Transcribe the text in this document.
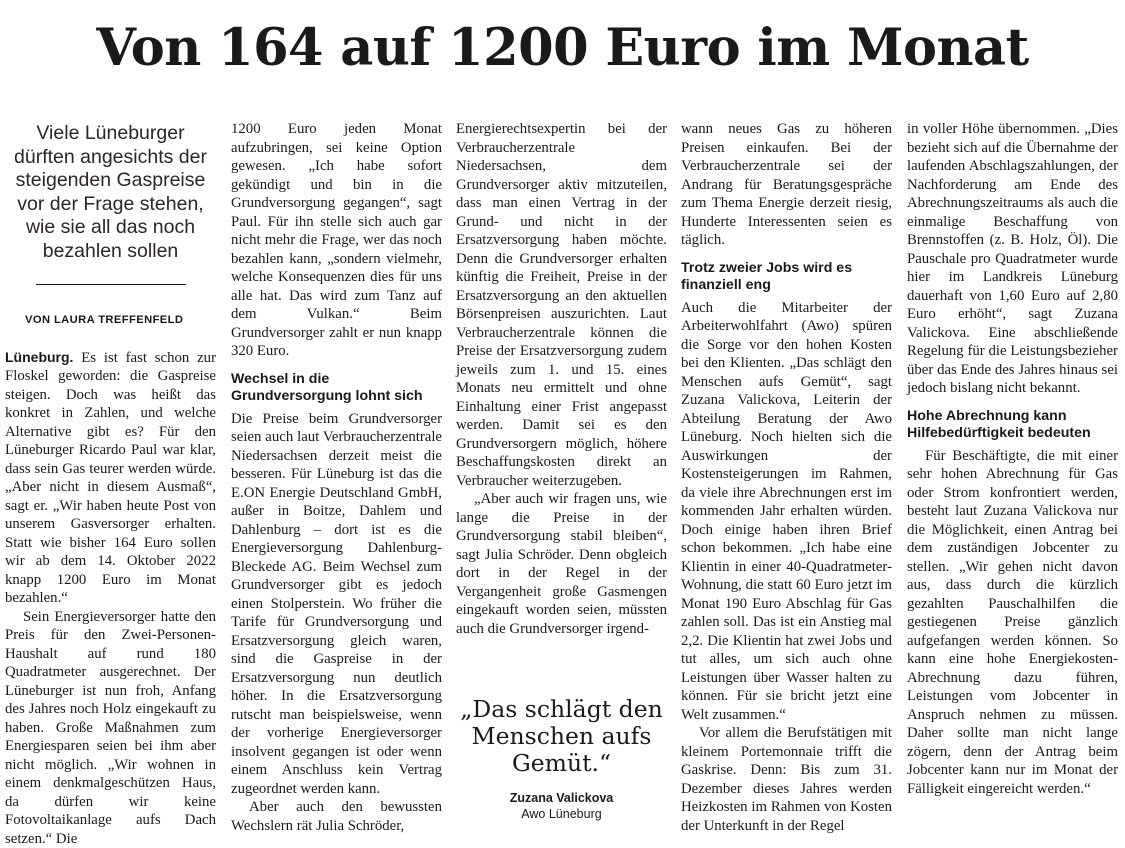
Von 164 auf 1200 Euro im Monat

Viele Lüneburger dürften angesichts der steigenden Gaspreise vor der Frage stehen, wie sie all das noch bezahlen sollen

VON LAURA TREFFENFELD

Lüneburg. Es ist fast schon zur Floskel geworden: die Gaspreise steigen. Doch was heißt das konkret in Zahlen, und welche Alternative gibt es? Für den Lüneburger Ricardo Paul war klar, dass sein Gas teurer werden würde. „Aber nicht in diesem Ausmaß“, sagt er. „Wir haben heute Post von unserem Gasversorger erhalten. Statt wie bisher 164 Euro sollen wir ab dem 14. Oktober 2022 knapp 1200 Euro im Monat bezahlen.“

Sein Energieversorger hatte den Preis für den Zwei-Personen-Haushalt auf rund 180 Quadratmeter ausgerechnet. Der Lüneburger ist nun froh, Anfang des Jahres noch Holz eingekauft zu haben. Große Maßnahmen zum Energiesparen seien bei ihm aber nicht möglich. „Wir wohnen in einem denkmalgeschützen Haus, da dürfen wir keine Fotovoltaikanlage aufs Dach setzen.“ Die

1200 Euro jeden Monat aufzubringen, sei keine Option gewesen. „Ich habe sofort gekündigt und bin in die Grundversorgung gegangen“, sagt Paul. Für ihn stelle sich auch gar nicht mehr die Frage, wer das noch bezahlen kann, „sondern vielmehr, welche Konsequenzen dies für uns alle hat. Das wird zum Tanz auf dem Vulkan.“ Beim Grundversorger zahlt er nun knapp 320 Euro.

Wechsel in die Grundversorgung lohnt sich

Die Preise beim Grundversorger seien auch laut Verbraucherzentrale Niedersachsen derzeit meist die besseren. Für Lüneburg ist das die E.ON Energie Deutschland GmbH, außer in Boitze, Dahlem und Dahlenburg – dort ist es die Energieversorgung Dahlenburg-Bleckede AG. Beim Wechsel zum Grundversorger gibt es jedoch einen Stolperstein. Wo früher die Tarife für Grundversorgung und Ersatzversorgung gleich waren, sind die Gaspreise in der Ersatzversorgung nun deutlich höher. In die Ersatzversorgung rutscht man beispielsweise, wenn der vorherige Energieversorger insolvent gegangen ist oder wenn einem Anschluss kein Vertrag zugeordnet werden kann.

Aber auch den bewussten Wechslern rät Julia Schröder,

Energierechtsexpertin bei der Verbraucherzentrale Niedersachsen, dem Grundversorger aktiv mitzuteilen, dass man einen Vertrag in der Grund- und nicht in der Ersatzversorgung haben möchte. Denn die Grundversorger erhalten künftig die Freiheit, Preise in der Ersatzversorgung an den aktuellen Börsenpreisen auszurichten. Laut Verbraucherzentrale können die Preise der Ersatzversorgung zudem jeweils zum 1. und 15. eines Monats neu ermittelt und ohne Einhaltung einer Frist angepasst werden. Damit sei es den Grundversorgern möglich, höhere Beschaffungskosten direkt an Verbraucher weiterzugeben.

„Aber auch wir fragen uns, wie lange die Preise in der Grundversorgung stabil bleiben“, sagt Julia Schröder. Denn obgleich dort in der Regel in der Vergangenheit große Gasmengen eingekauft worden seien, müssten auch die Grundversorger irgend-

„Das schlägt den Menschen aufs Gemüt.“

Zuzana Valickova
Awo Lüneburg

wann neues Gas zu höheren Preisen einkaufen. Bei der Verbraucherzentrale sei der Andrang für Beratungsgespräche zum Thema Energie derzeit riesig, Hunderte Interessenten seien es täglich.

Trotz zweier Jobs wird es finanziell eng

Auch die Mitarbeiter der Arbeiterwohlfahrt (Awo) spüren die Sorge vor den hohen Kosten bei den Klienten. „Das schlägt den Menschen aufs Gemüt“, sagt Zuzana Valickova, Leiterin der Abteilung Beratung der Awo Lüneburg. Noch hielten sich die Auswirkungen der Kostensteigerungen im Rahmen, da viele ihre Abrechnungen erst im kommenden Jahr erhalten würden. Doch einige haben ihren Brief schon bekommen. „Ich habe eine Klientin in einer 40-Quadratmeter-Wohnung, die statt 60 Euro jetzt im Monat 190 Euro Abschlag für Gas zahlen soll. Das ist ein Anstieg mal 2,2. Die Klientin hat zwei Jobs und tut alles, um sich auch ohne Leistungen über Wasser halten zu können. Für sie bricht jetzt eine Welt zusammen.“

Vor allem die Berufstätigen mit kleinem Portemonnaie trifft die Gaskrise. Denn: Bis zum 31. Dezember dieses Jahres werden Heizkosten im Rahmen von Kosten der Unterkunft in der Regel

in voller Höhe übernommen. „Dies bezieht sich auf die Übernahme der laufenden Abschlagszahlungen, der Nachforderung am Ende des Abrechnungszeitraums als auch die einmalige Beschaffung von Brennstoffen (z. B. Holz, Öl). Die Pauschale pro Quadratmeter wurde hier im Landkreis Lüneburg dauerhaft von 1,60 Euro auf 2,80 Euro erhöht“, sagt Zuzana Valickova. Eine abschließende Regelung für die Leistungsbezieher über das Ende des Jahres hinaus sei jedoch bislang nicht bekannt.

Hohe Abrechnung kann Hilfebedürftigkeit bedeuten

Für Beschäftigte, die mit einer sehr hohen Abrechnung für Gas oder Strom konfrontiert werden, besteht laut Zuzana Valickova nur die Möglichkeit, einen Antrag bei dem zuständigen Jobcenter zu stellen. „Wir gehen nicht davon aus, dass durch die kürzlich gezahlten Pauschalhilfen die gestiegenen Preise gänzlich aufgefangen werden können. So kann eine hohe Energiekosten-Abrechnung dazu führen, Leistungen vom Jobcenter in Anspruch nehmen zu müssen. Daher sollte man nicht lange zögern, denn der Antrag beim Jobcenter kann nur im Monat der Fälligkeit eingereicht werden.“
